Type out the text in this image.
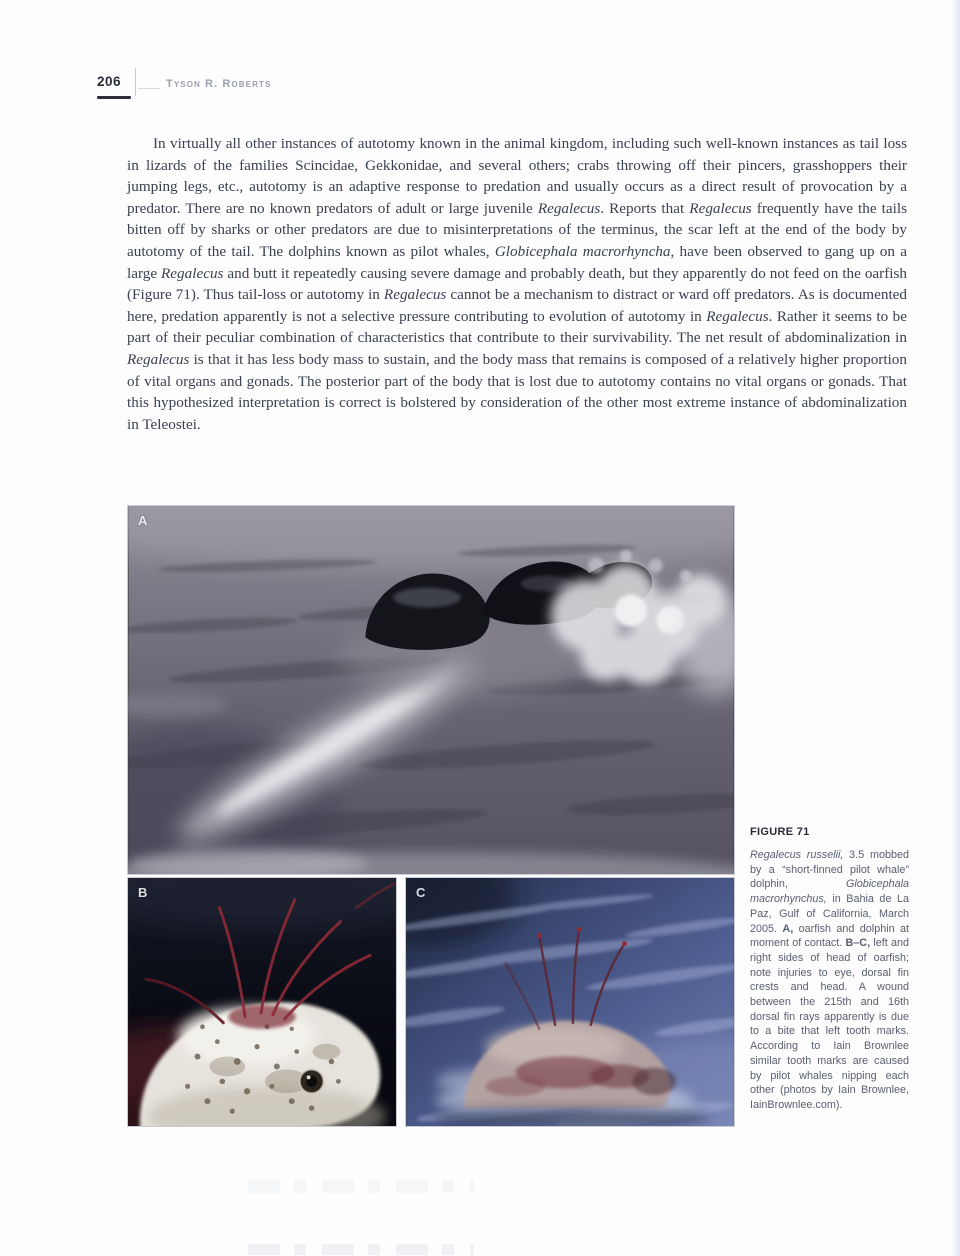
206	Tyson R. Roberts

In virtually all other instances of autotomy known in the animal kingdom, including such well-known instances as tail loss in lizards of the families Scincidae, Gekkonidae, and several others; crabs throwing off their pincers, grasshoppers their jumping legs, etc., autotomy is an adaptive response to predation and usually occurs as a direct result of provocation by a predator. There are no known predators of adult or large juvenile Regalecus. Reports that Regalecus frequently have the tails bitten off by sharks or other predators are due to misinterpretations of the terminus, the scar left at the end of the body by autotomy of the tail. The dolphins known as pilot whales, Globicephala macrorhyncha, have been observed to gang up on a large Regalecus and butt it repeatedly causing severe damage and probably death, but they apparently do not feed on the oarfish (Figure 71). Thus tail-loss or autotomy in Regalecus cannot be a mechanism to distract or ward off predators. As is documented here, predation apparently is not a selective pressure contributing to evolution of autotomy in Regalecus. Rather it seems to be part of their peculiar combination of characteristics that contribute to their survivability. The net result of abdominalization in Regalecus is that it has less body mass to sustain, and the body mass that remains is composed of a relatively higher proportion of vital organs and gonads. The posterior part of the body that is lost due to autotomy contains no vital organs or gonads. That this hypothesized interpretation is correct is bolstered by consideration of the other most extreme instance of abdominalization in Teleostei.

A
B	C
FIGURE 71

Regalecus russelii, 3.5 mobbed by a “short-finned pilot whale” dolphin, Globicephala macrorhynchus, in Bahia de La Paz, Gulf of California, March 2005. A, oarfish and dolphin at moment of contact. B–C, left and right sides of head of oarfish; note injuries to eye, dorsal fin crests and head. A wound between the 215th and 16th dorsal fin rays apparently is due to a bite that left tooth marks. According to Iain Brownlee similar tooth marks are caused by pilot whales nipping each other (photos by Iain Brownlee, IainBrownlee.com).
